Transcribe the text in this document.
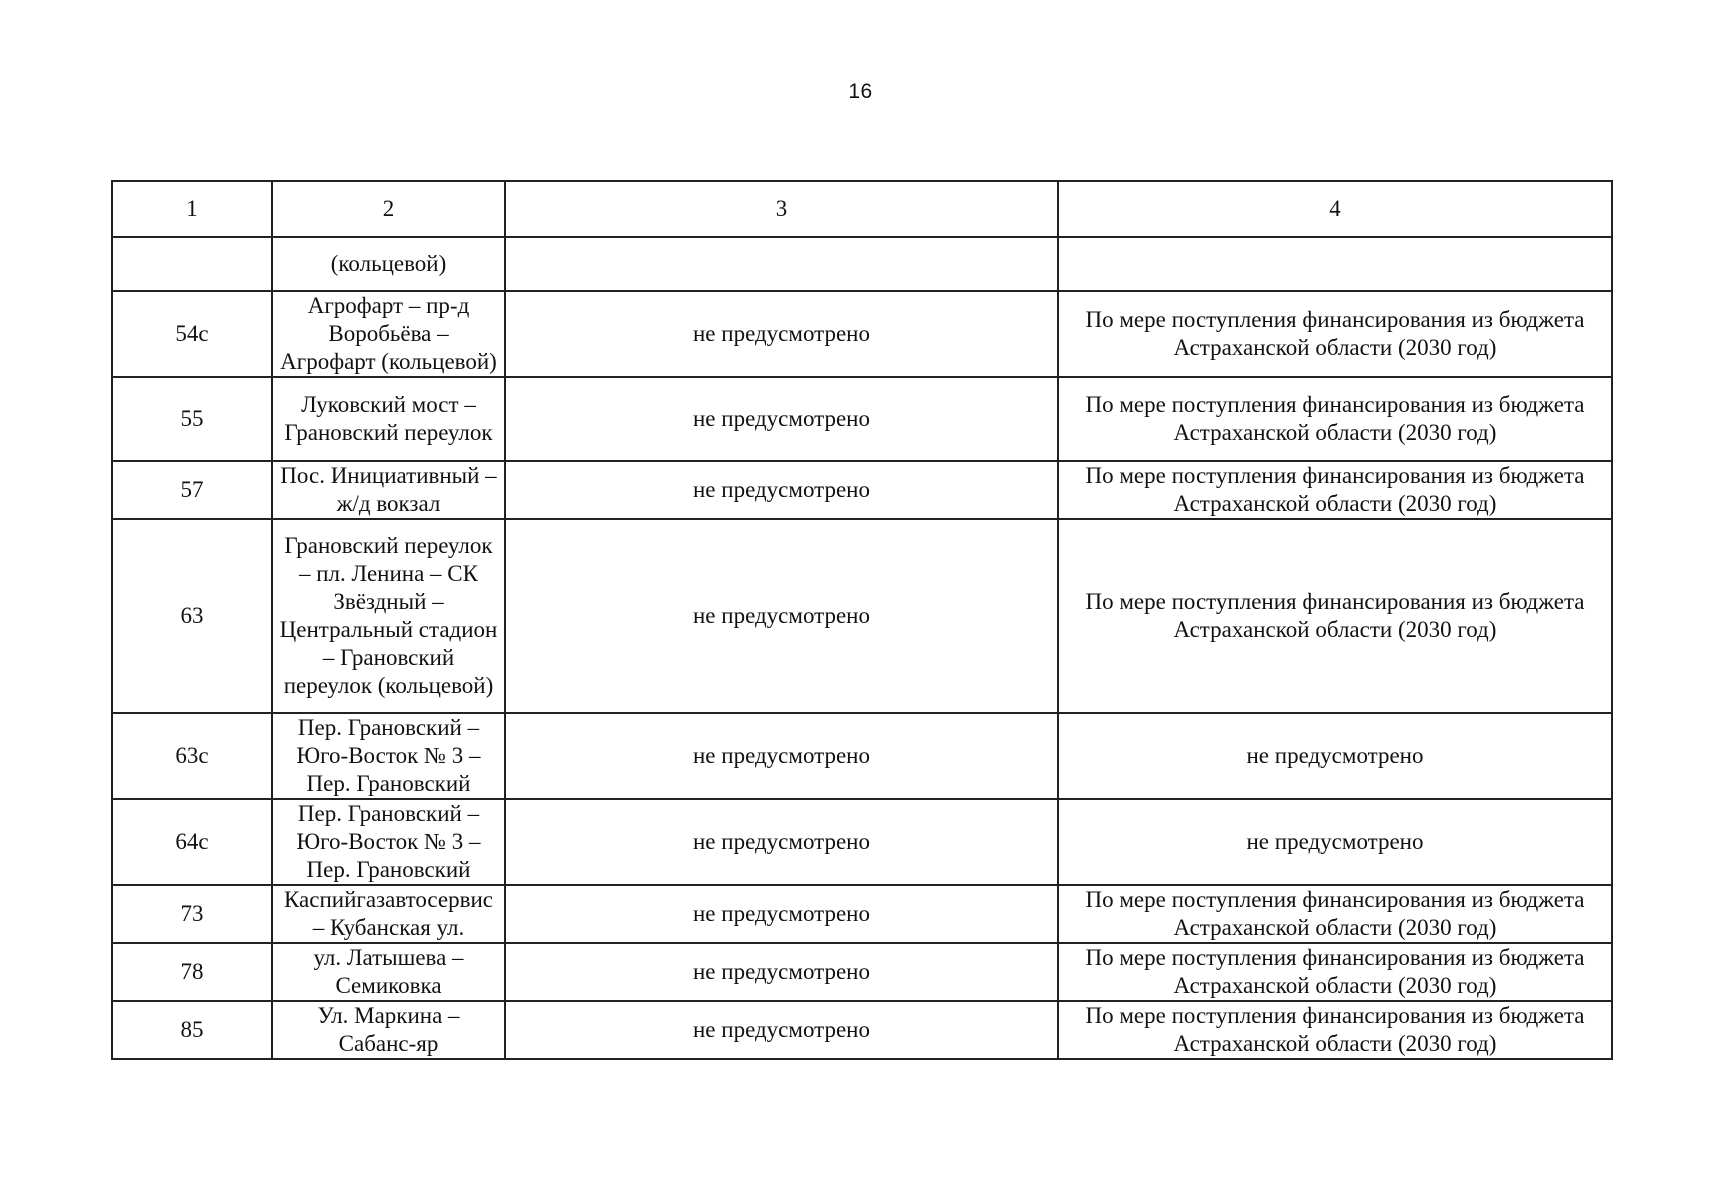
16
1	2	3	4
	(кольцевой)		
54с	Агрофарт – пр-д Воробьёва – Агрофарт (кольцевой)	не предусмотрено	По мере поступления финансирования из бюджета Астраханской области (2030 год)
55	Луковский мост – Грановский переулок	не предусмотрено	По мере поступления финансирования из бюджета Астраханской области (2030 год)
57	Пос. Инициативный – ж/д вокзал	не предусмотрено	По мере поступления финансирования из бюджета Астраханской области (2030 год)
63	Грановский переулок – пл. Ленина – СК Звёздный – Центральный стадион – Грановский переулок (кольцевой)	не предусмотрено	По мере поступления финансирования из бюджета Астраханской области (2030 год)
63с	Пер. Грановский – Юго-Восток № 3 – Пер. Грановский	не предусмотрено	не предусмотрено
64с	Пер. Грановский – Юго-Восток № 3 – Пер. Грановский	не предусмотрено	не предусмотрено
73	Каспийгазавтосервис – Кубанская ул.	не предусмотрено	По мере поступления финансирования из бюджета Астраханской области (2030 год)
78	ул. Латышева – Семиковка	не предусмотрено	По мере поступления финансирования из бюджета Астраханской области (2030 год)
85	Ул. Маркина – Сабанс-яр	не предусмотрено	По мере поступления финансирования из бюджета Астраханской области (2030 год)
